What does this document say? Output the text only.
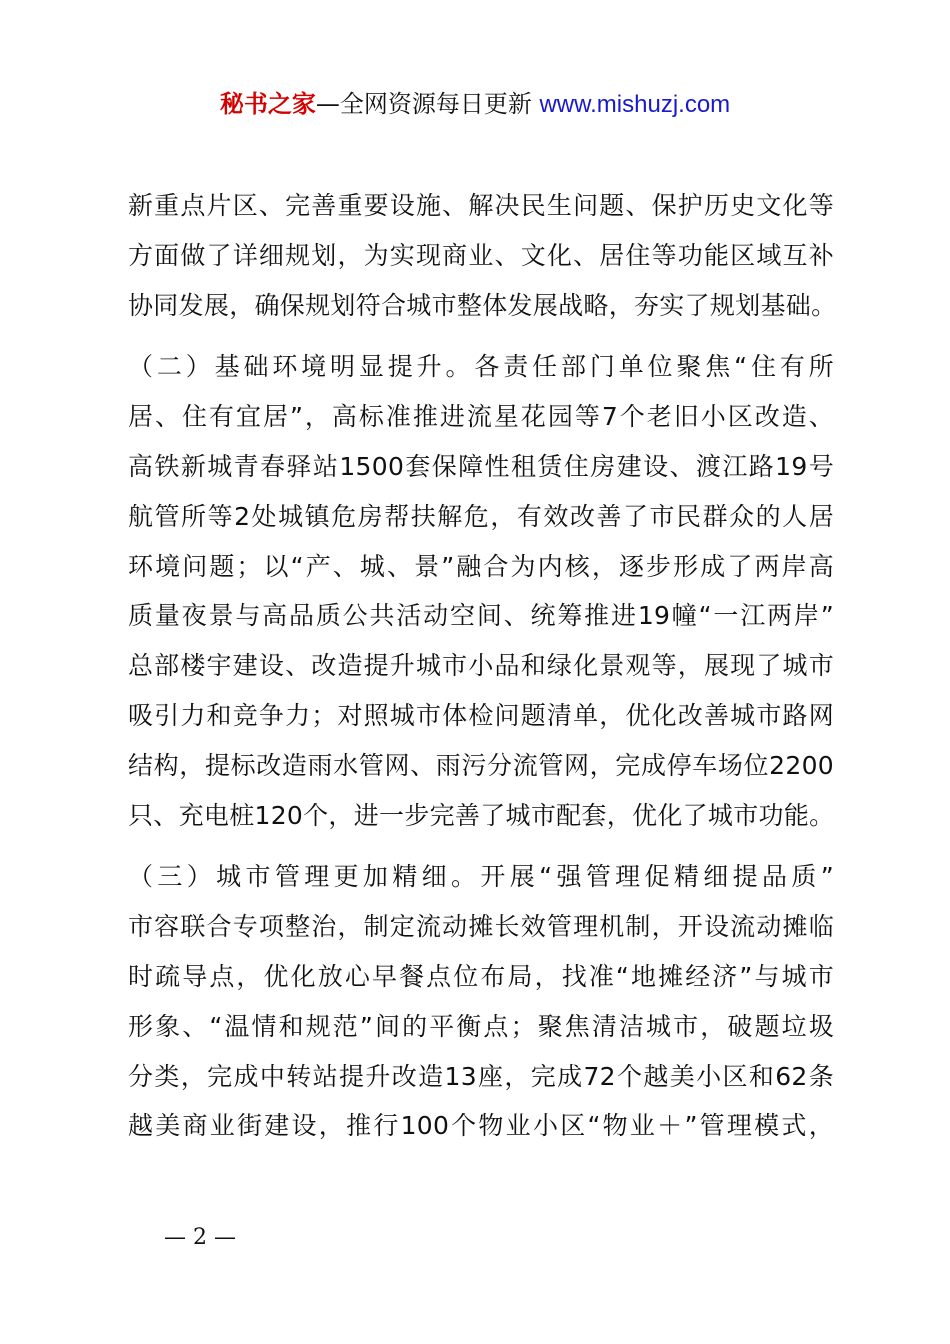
秘书之家—全网资源每日更新 www.mishuzj.com

新重点片区、完善重要设施、解决民生问题、保护历史文化等
方面做了详细规划，为实现商业、文化、居住等功能区域互补
协同发展，确保规划符合城市整体发展战略，夯实了规划基础。

（二）基础环境明显提升。各责任部门单位聚焦“住有所
居、住有宜居”，高标准推进流星花园等7个老旧小区改造、
高铁新城青春驿站1500套保障性租赁住房建设、渡江路19号
航管所等2处城镇危房帮扶解危，有效改善了市民群众的人居
环境问题；以“产、城、景”融合为内核，逐步形成了两岸高
质量夜景与高品质公共活动空间、统筹推进19幢“一江两岸”
总部楼宇建设、改造提升城市小品和绿化景观等，展现了城市
吸引力和竞争力；对照城市体检问题清单，优化改善城市路网
结构，提标改造雨水管网、雨污分流管网，完成停车场位2200
只、充电桩120个，进一步完善了城市配套，优化了城市功能。

（三）城市管理更加精细。开展“强管理促精细提品质”
市容联合专项整治，制定流动摊长效管理机制，开设流动摊临
时疏导点，优化放心早餐点位布局，找准“地摊经济”与城市
形象、“温情和规范”间的平衡点；聚焦清洁城市，破题垃圾
分类，完成中转站提升改造13座，完成72个越美小区和62条
越美商业街建设，推行100个物业小区“物业＋”管理模式，

— 2 —
